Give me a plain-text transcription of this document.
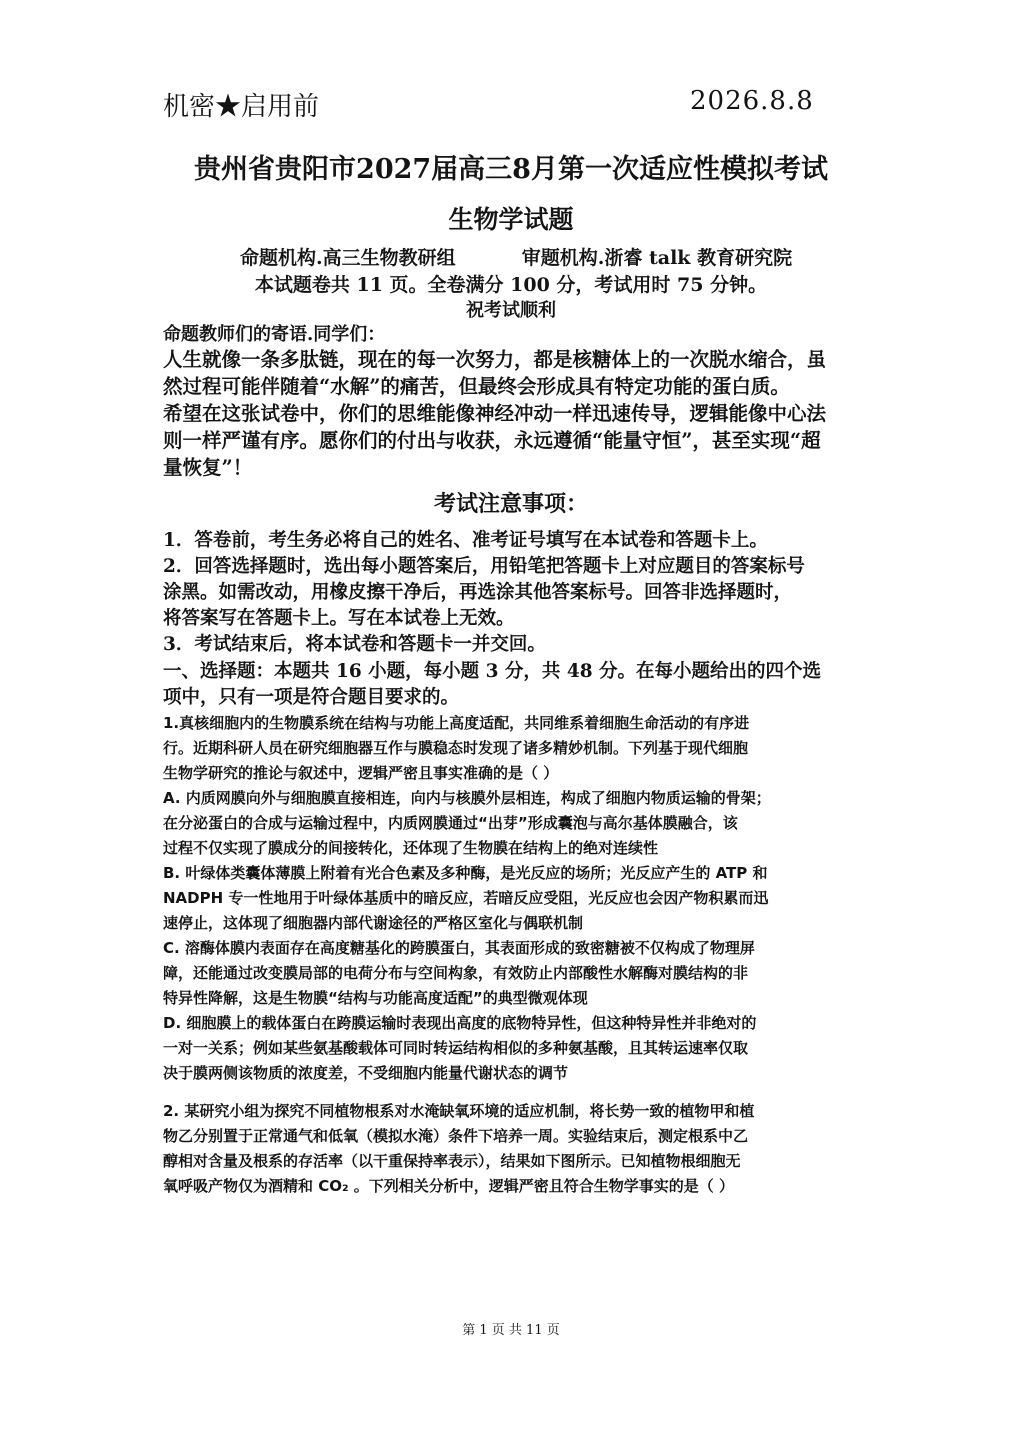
机密★启用前	2026.8.8
贵州省贵阳市2027届高三8月第一次适应性模拟考试
生物学试题
命题机构.高三生物教研组          审题机构.浙睿 talk 教育研究院
本试题卷共 11 页。全卷满分 100 分，考试用时 75 分钟。
祝考试顺利
命题教师们的寄语.同学们：
人生就像一条多肽链，现在的每一次努力，都是核糖体上的一次脱水缩合，虽
然过程可能伴随着“水解”的痛苦，但最终会形成具有特定功能的蛋白质。
希望在这张试卷中，你们的思维能像神经冲动一样迅速传导，逻辑能像中心法
则一样严谨有序。愿你们的付出与收获，永远遵循“能量守恒”，甚至实现“超
量恢复”！
考试注意事项：
1．答卷前，考生务必将自己的姓名、准考证号填写在本试卷和答题卡上。
2．回答选择题时，选出每小题答案后，用铅笔把答题卡上对应题目的答案标号
涂黑。如需改动，用橡皮擦干净后，再选涂其他答案标号。回答非选择题时，
将答案写在答题卡上。写在本试卷上无效。
3．考试结束后，将本试卷和答题卡一并交回。
一、选择题：本题共 16 小题，每小题 3 分，共 48 分。在每小题给出的四个选
项中，只有一项是符合题目要求的。
1.真核细胞内的生物膜系统在结构与功能上高度适配，共同维系着细胞生命活动的有序进
行。近期科研人员在研究细胞器互作与膜稳态时发现了诸多精妙机制。下列基于现代细胞
生物学研究的推论与叙述中，逻辑严密且事实准确的是（ ）
A. 内质网膜向外与细胞膜直接相连，向内与核膜外层相连，构成了细胞内物质运输的骨架；
在分泌蛋白的合成与运输过程中，内质网膜通过“出芽”形成囊泡与高尔基体膜融合，该
过程不仅实现了膜成分的间接转化，还体现了生物膜在结构上的绝对连续性
B. 叶绿体类囊体薄膜上附着有光合色素及多种酶，是光反应的场所；光反应产生的 ATP 和
NADPH 专一性地用于叶绿体基质中的暗反应，若暗反应受阻，光反应也会因产物积累而迅
速停止，这体现了细胞器内部代谢途径的严格区室化与偶联机制
C. 溶酶体膜内表面存在高度糖基化的跨膜蛋白，其表面形成的致密糖被不仅构成了物理屏
障，还能通过改变膜局部的电荷分布与空间构象，有效防止内部酸性水解酶对膜结构的非
特异性降解，这是生物膜“结构与功能高度适配”的典型微观体现
D. 细胞膜上的载体蛋白在跨膜运输时表现出高度的底物特异性，但这种特异性并非绝对的
一对一关系；例如某些氨基酸载体可同时转运结构相似的多种氨基酸，且其转运速率仅取
决于膜两侧该物质的浓度差，不受细胞内能量代谢状态的调节
2. 某研究小组为探究不同植物根系对水淹缺氧环境的适应机制，将长势一致的植物甲和植
物乙分别置于正常通气和低氧（模拟水淹）条件下培养一周。实验结束后，测定根系中乙
醇相对含量及根系的存活率（以干重保持率表示），结果如下图所示。已知植物根细胞无
氧呼吸产物仅为酒精和 CO₂ 。下列相关分析中，逻辑严密且符合生物学事实的是（ ）
第 1 页 共 11 页
